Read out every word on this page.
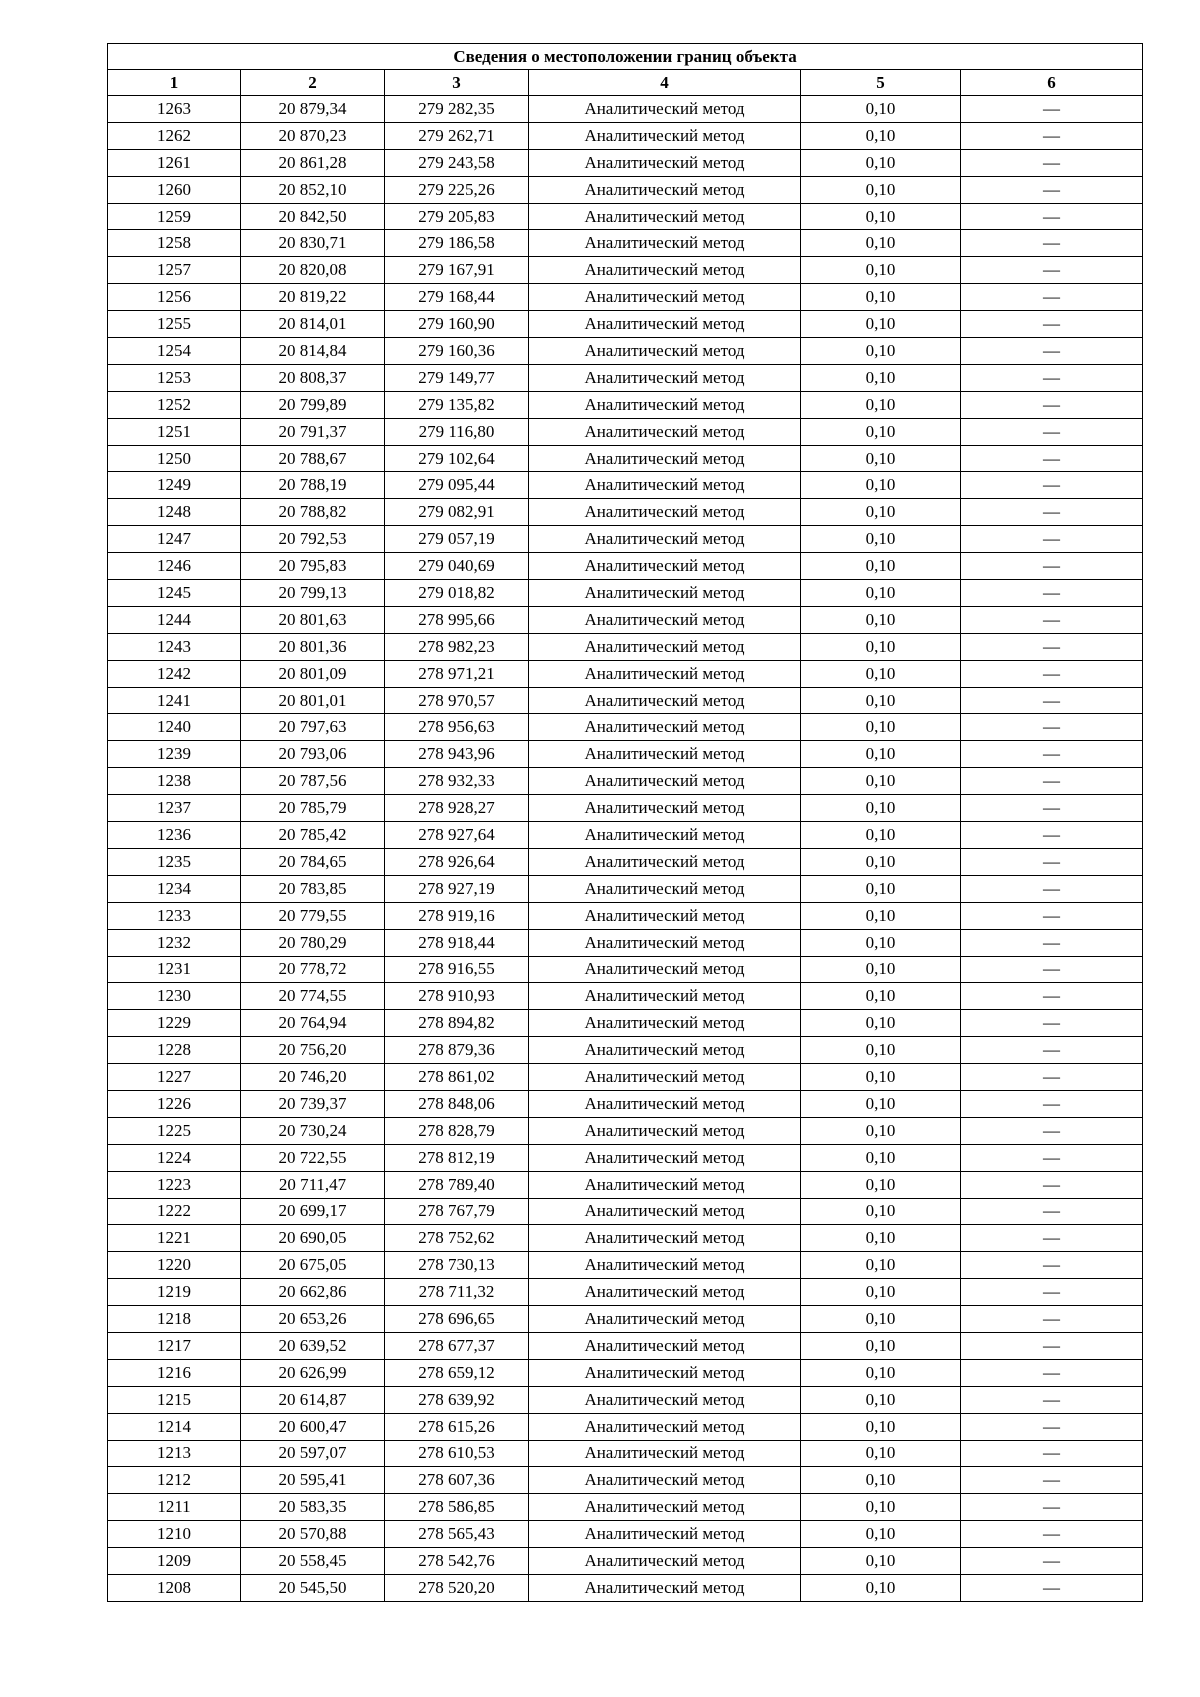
Сведения о местоположении границ объекта					
1	2	3	4	5	6
1263	20 879,34	279 282,35	Аналитический метод	0,10	—
1262	20 870,23	279 262,71	Аналитический метод	0,10	—
1261	20 861,28	279 243,58	Аналитический метод	0,10	—
1260	20 852,10	279 225,26	Аналитический метод	0,10	—
1259	20 842,50	279 205,83	Аналитический метод	0,10	—
1258	20 830,71	279 186,58	Аналитический метод	0,10	—
1257	20 820,08	279 167,91	Аналитический метод	0,10	—
1256	20 819,22	279 168,44	Аналитический метод	0,10	—
1255	20 814,01	279 160,90	Аналитический метод	0,10	—
1254	20 814,84	279 160,36	Аналитический метод	0,10	—
1253	20 808,37	279 149,77	Аналитический метод	0,10	—
1252	20 799,89	279 135,82	Аналитический метод	0,10	—
1251	20 791,37	279 116,80	Аналитический метод	0,10	—
1250	20 788,67	279 102,64	Аналитический метод	0,10	—
1249	20 788,19	279 095,44	Аналитический метод	0,10	—
1248	20 788,82	279 082,91	Аналитический метод	0,10	—
1247	20 792,53	279 057,19	Аналитический метод	0,10	—
1246	20 795,83	279 040,69	Аналитический метод	0,10	—
1245	20 799,13	279 018,82	Аналитический метод	0,10	—
1244	20 801,63	278 995,66	Аналитический метод	0,10	—
1243	20 801,36	278 982,23	Аналитический метод	0,10	—
1242	20 801,09	278 971,21	Аналитический метод	0,10	—
1241	20 801,01	278 970,57	Аналитический метод	0,10	—
1240	20 797,63	278 956,63	Аналитический метод	0,10	—
1239	20 793,06	278 943,96	Аналитический метод	0,10	—
1238	20 787,56	278 932,33	Аналитический метод	0,10	—
1237	20 785,79	278 928,27	Аналитический метод	0,10	—
1236	20 785,42	278 927,64	Аналитический метод	0,10	—
1235	20 784,65	278 926,64	Аналитический метод	0,10	—
1234	20 783,85	278 927,19	Аналитический метод	0,10	—
1233	20 779,55	278 919,16	Аналитический метод	0,10	—
1232	20 780,29	278 918,44	Аналитический метод	0,10	—
1231	20 778,72	278 916,55	Аналитический метод	0,10	—
1230	20 774,55	278 910,93	Аналитический метод	0,10	—
1229	20 764,94	278 894,82	Аналитический метод	0,10	—
1228	20 756,20	278 879,36	Аналитический метод	0,10	—
1227	20 746,20	278 861,02	Аналитический метод	0,10	—
1226	20 739,37	278 848,06	Аналитический метод	0,10	—
1225	20 730,24	278 828,79	Аналитический метод	0,10	—
1224	20 722,55	278 812,19	Аналитический метод	0,10	—
1223	20 711,47	278 789,40	Аналитический метод	0,10	—
1222	20 699,17	278 767,79	Аналитический метод	0,10	—
1221	20 690,05	278 752,62	Аналитический метод	0,10	—
1220	20 675,05	278 730,13	Аналитический метод	0,10	—
1219	20 662,86	278 711,32	Аналитический метод	0,10	—
1218	20 653,26	278 696,65	Аналитический метод	0,10	—
1217	20 639,52	278 677,37	Аналитический метод	0,10	—
1216	20 626,99	278 659,12	Аналитический метод	0,10	—
1215	20 614,87	278 639,92	Аналитический метод	0,10	—
1214	20 600,47	278 615,26	Аналитический метод	0,10	—
1213	20 597,07	278 610,53	Аналитический метод	0,10	—
1212	20 595,41	278 607,36	Аналитический метод	0,10	—
1211	20 583,35	278 586,85	Аналитический метод	0,10	—
1210	20 570,88	278 565,43	Аналитический метод	0,10	—
1209	20 558,45	278 542,76	Аналитический метод	0,10	—
1208	20 545,50	278 520,20	Аналитический метод	0,10	—
